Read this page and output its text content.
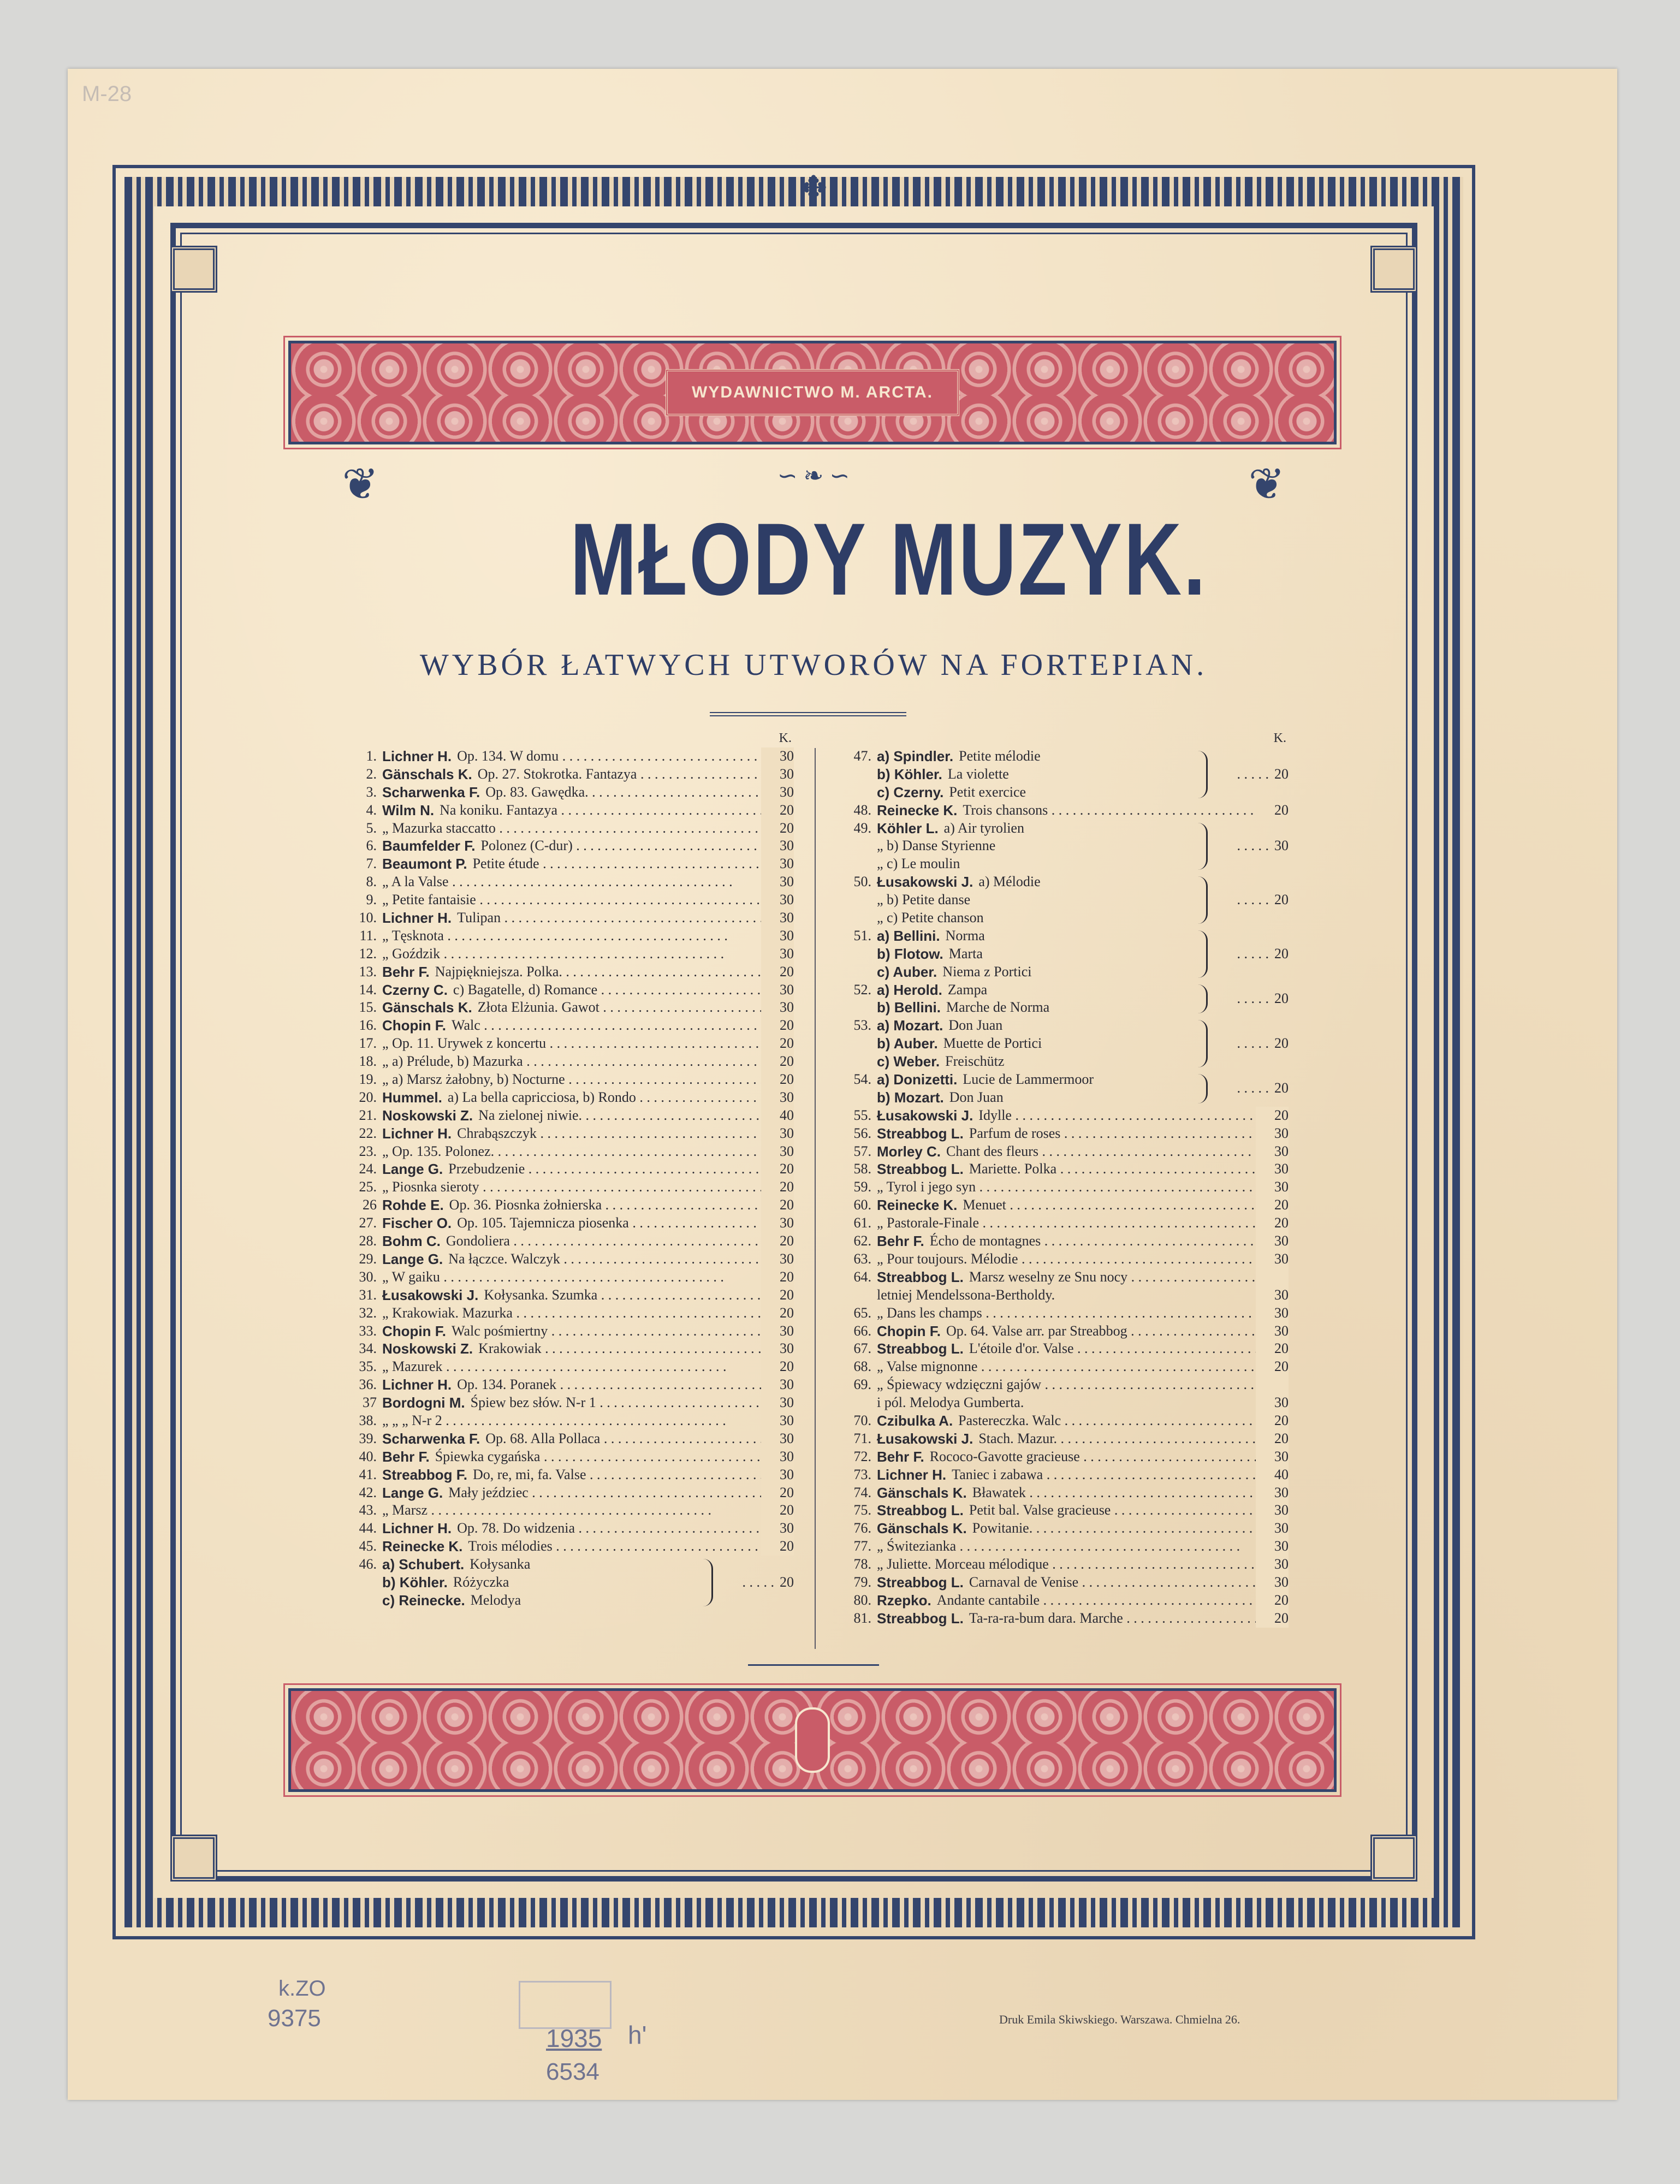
✥
❦	❦
∽ ❧ ∽
WYDAWNICTWO M. ARCTA.
MŁODY MUZYK.
WYBÓR ŁATWYCH UTWORÓW NA FORTEPIAN.
K.
1. Lichner H. Op. 134. W domu . . .	30
2. Gänschals K. Op. 27. Stokrotka. Fantazya . . .	30
3. Scharwenka F. Op. 83. Gawędka. . . .	30
4. Wilm N. Na koniku. Fantazya . . .	20
5. „ Mazurka staccatto . . .	20
6. Baumfelder F. Polonez (C-dur) . . .	30
7. Beaumont P. Petite étude . . .	30
8. „ A la Valse . . .	30
9. „ Petite fantaisie . . .	30
10. Lichner H. Tulipan . . .	30
11. „ Tęsknota . . .	30
12. „ Goździk . . .	30
13. Behr F. Najpiękniejsza. Polka. . . .	20
14. Czerny C. c) Bagatelle, d) Romance . . .	30
15. Gänschals K. Złota Elżunia. Gawot . . .	30
16. Chopin F. Walc . . .	20
17. „ Op. 11. Urywek z koncertu . . .	20
18. „ a) Prélude, b) Mazurka . . .	20
19. „ a) Marsz żałobny, b) Nocturne . . .	20
20. Hummel. a) La bella capricciosa, b) Rondo . . .	30
21. Noskowski Z. Na zielonej niwie. . . .	40
22. Lichner H. Chrabąszczyk . . .	30
23. „ Op. 135. Polonez. . . .	30
24. Lange G. Przebudzenie . . .	20
25. „ Piosnka sieroty . . .	20
26 Rohde E. Op. 36. Piosnka żołnierska . . .	20
27. Fischer O. Op. 105. Tajemnicza piosenka . . .	30
28. Bohm C. Gondoliera . . .	20
29. Lange G. Na łączce. Walczyk . . .	30
30. „ W gaiku . . .	20
31. Łusakowski J. Kołysanka. Szumka . . .	20
32. „ Krakowiak. Mazurka . . .	20
33. Chopin F. Walc pośmiertny . . .	30
34. Noskowski Z. Krakowiak . . .	30
35. „ Mazurek . . .	20
36. Lichner H. Op. 134. Poranek . . .	30
37 Bordogni M. Śpiew bez słów. N-r 1 . . .	30
38. „ „ „ N-r 2 . . .	30
39. Scharwenka F. Op. 68. Alla Pollaca . . .	30
40. Behr F. Śpiewka cygańska . . .	30
41. Streabbog F. Do, re, mi, fa. Valse . . .	30
42. Lange G. Mały jeździec . . .	20
43. „ Marsz . . .	20
44. Lichner H. Op. 78. Do widzenia . . .	30
45. Reinecke K. Trois mélodies . . .	20
46. a) Schubert. Kołysanka
b) Köhler. Różyczka
c) Reinecke. Melodya
. . . 20
K.
47. a) Spindler. Petite mélodie
b) Köhler. La violette
c) Czerny. Petit exercice
. . . 20
48. Reinecke K. Trois chansons . . .	20
49. Köhler L. a) Air tyrolien
„ b) Danse Styrienne
„ c) Le moulin
. . . 30
50. Łusakowski J. a) Mélodie
„ b) Petite danse
„ c) Petite chanson
. . . 20
51. a) Bellini. Norma
b) Flotow. Marta
c) Auber. Niema z Portici
. . . 20
52. a) Herold. Zampa
b) Bellini. Marche de Norma
. . . 20
53. a) Mozart. Don Juan
b) Auber. Muette de Portici
c) Weber. Freischütz
. . . 20
54. a) Donizetti. Lucie de Lammermoor
b) Mozart. Don Juan
. . . 20
55. Łusakowski J. Idylle . . .	20
56. Streabbog L. Parfum de roses . . .	30
57. Morley C. Chant des fleurs . . .	30
58. Streabbog L. Mariette. Polka . . .	30
59. „ Tyrol i jego syn . . .	30
60. Reinecke K. Menuet . . .	20
61. „ Pastorale-Finale . . .	20
62. Behr F. Écho de montagnes . . .	30
63. „ Pour toujours. Mélodie . . .	30
64. Streabbog L. Marsz weselny ze Snu nocy . . .
letniej Mendelssona-Bertholdy.	30
65. „ Dans les champs . . .	30
66. Chopin F. Op. 64. Valse arr. par Streabbog . . .	30
67. Streabbog L. L'étoile d'or. Valse . . .	20
68. „ Valse mignonne . . .	20
69. „ Śpiewacy wdzięczni gajów . . .
i pól. Melodya Gumberta.	30
70. Czibulka A. Pastereczka. Walc . . .	20
71. Łusakowski J. Stach. Mazur. . . .	20
72. Behr F. Rococo-Gavotte gracieuse . . .	30
73. Lichner H. Taniec i zabawa . . .	40
74. Gänschals K. Bławatek . . .	30
75. Streabbog L. Petit bal. Valse gracieuse . . .	30
76. Gänschals K. Powitanie. . . .	30
77. „ Świtezianka . . .	30
78. „ Juliette. Morceau mélodique . . .	30
79. Streabbog L. Carnaval de Venise . . .	30
80. Rzepko. Andante cantabile . . .	20
81. Streabbog L. Ta-ra-ra-bum dara. Marche . . .	20
Druk Emila Skiwskiego. Warszawa. Chmielna 26.
k.ZO
9375
1935 h'
6534
M-28
